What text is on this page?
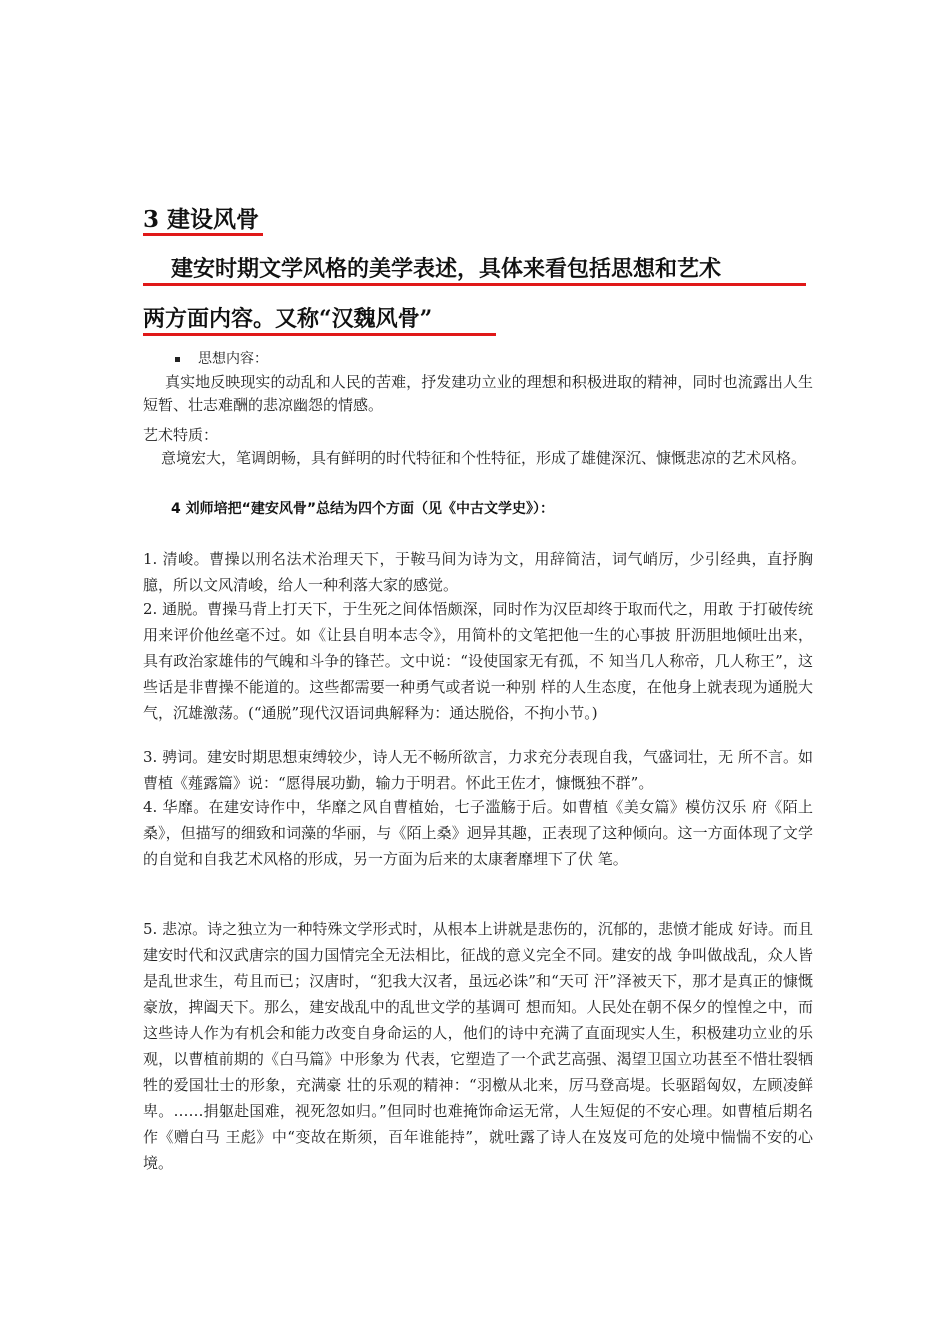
3 建设风骨
建安时期文学风格的美学表述，具体来看包括思想和艺术
两方面内容。又称“汉魏风骨”
思想内容：

真实地反映现实的动乱和人民的苦难，抒发建功立业的理想和积极进取的精神，同时也流露出人生短暂、壮志难酬的悲凉幽怨的情感。

艺术特质：

意境宏大，笔调朗畅，具有鲜明的时代特征和个性特征，形成了雄健深沉、慷慨悲凉的艺术风格。

4 刘师培把“建安风骨”总结为四个方面（见《中古文学史》）：

1. 清峻。曹操以刑名法术治理天下，于鞍马间为诗为文，用辞简洁，词气峭厉，少引经典，直抒胸臆，所以文风清峻，给人一种利落大家的感觉。

2. 通脱。曹操马背上打天下，于生死之间体悟颇深，同时作为汉臣却终于取而代之，用敢 于打破传统用来评价他丝毫不过。如《让县自明本志令》，用简朴的文笔把他一生的心事披 肝沥胆地倾吐出来，具有政治家雄伟的气魄和斗争的锋芒。文中说：“设使国家无有孤，不 知当几人称帝，几人称王”，这些话是非曹操不能道的。这些都需要一种勇气或者说一种别 样的人生态度，在他身上就表现为通脱大气，沉雄激荡。(“通脱”现代汉语词典解释为：通达脱俗，不拘小节。)

3. 骋词。建安时期思想束缚较少，诗人无不畅所欲言，力求充分表现自我，气盛词壮，无 所不言。如曹植《薤露篇》说：“愿得展功勤，输力于明君。怀此王佐才，慷慨独不群”。

4. 华靡。在建安诗作中，华靡之风自曹植始，七子滥觞于后。如曹植《美女篇》模仿汉乐 府《陌上桑》，但描写的细致和词藻的华丽，与《陌上桑》迥异其趣，正表现了这种倾向。这一方面体现了文学的自觉和自我艺术风格的形成，另一方面为后来的太康奢靡埋下了伏 笔。

5. 悲凉。诗之独立为一种特殊文学形式时，从根本上讲就是悲伤的，沉郁的，悲愤才能成 好诗。而且建安时代和汉武唐宗的国力国情完全无法相比，征战的意义完全不同。建安的战 争叫做战乱，众人皆是乱世求生，苟且而已；汉唐时，“犯我大汉者，虽远必诛”和“天可 汗”泽被天下，那才是真正的慷慨豪放，捭阖天下。那么，建安战乱中的乱世文学的基调可 想而知。人民处在朝不保夕的惶惶之中，而这些诗人作为有机会和能力改变自身命运的人，他们的诗中充满了直面现实人生，积极建功立业的乐观，以曹植前期的《白马篇》中形象为 代表，它塑造了一个武艺高强、渴望卫国立功甚至不惜壮裂牺牲的爱国壮士的形象，充满豪 壮的乐观的精神：“羽檄从北来，厉马登高堤。长驱蹈匈奴，左顾凌鲜卑。……捐躯赴国难，视死忽如归。”但同时也难掩饰命运无常，人生短促的不安心理。如曹植后期名作《赠白马 王彪》中“变故在斯须，百年谁能持”，就吐露了诗人在岌岌可危的处境中惴惴不安的心境。
